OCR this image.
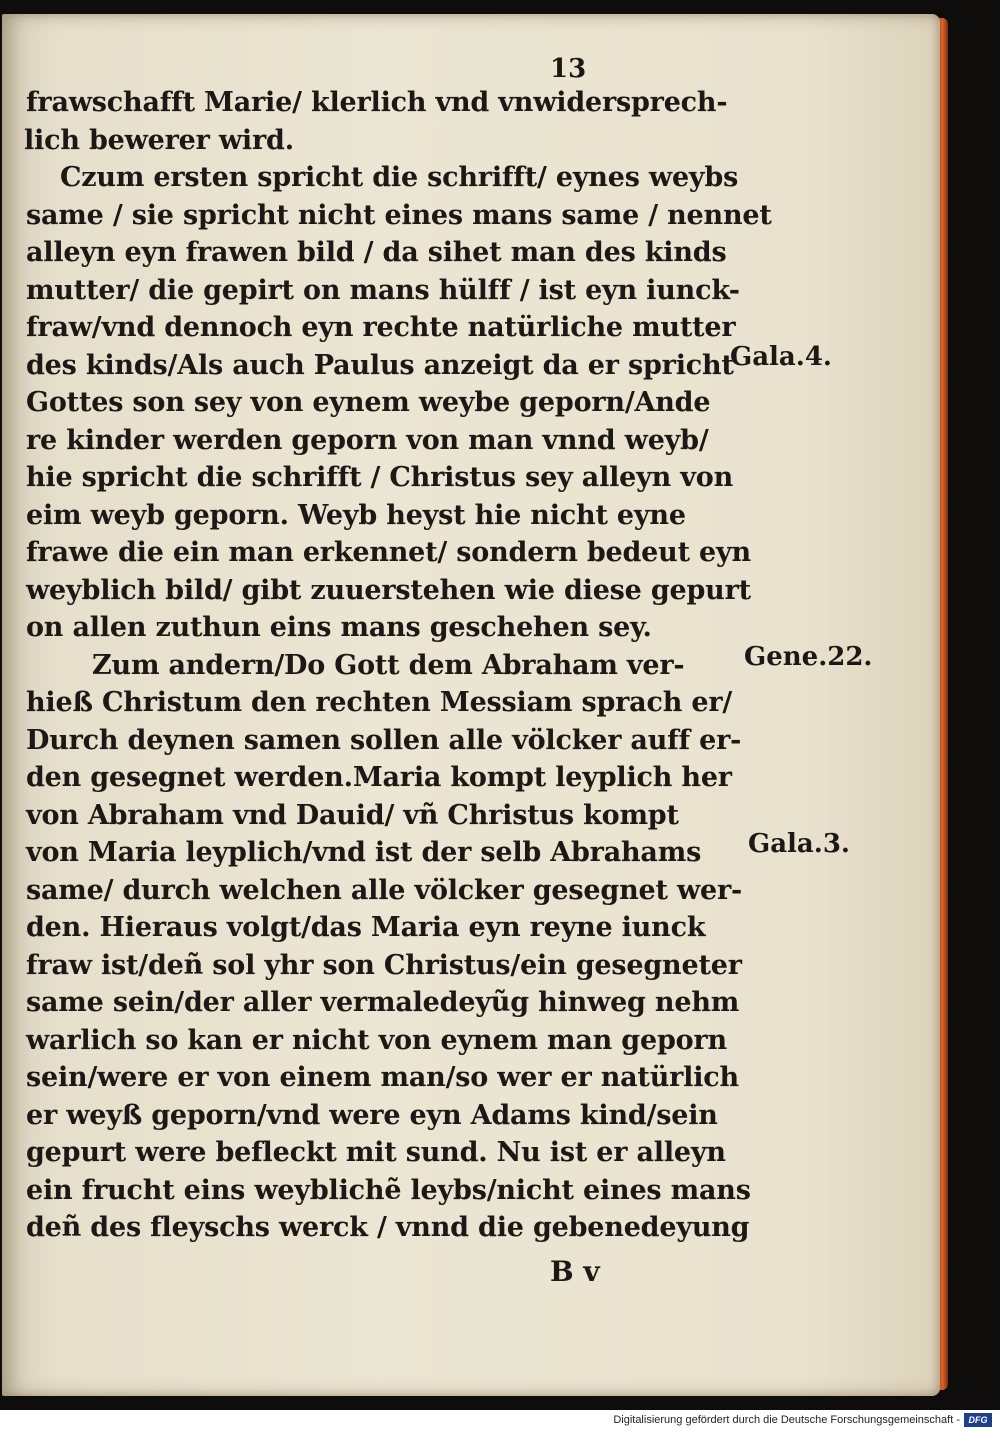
13
frawschafft Marie/ klerlich vnd vnwidersprech-
lich bewerer wird.
Czum ersten spricht die schrifft/ eynes weybs
same / sie spricht nicht eines mans same / nennet
alleyn eyn frawen bild / da sihet man des kinds
mutter/ die gepirt on mans hülff / ist eyn iunck-
fraw/vnd dennoch eyn rechte natürliche mutter
des kinds/Als auch Paulus anzeigt da er spricht
Gottes son sey von eynem weybe geporn/Ande
re kinder werden geporn von man vnnd weyb/
hie spricht die schrifft / Christus sey alleyn von
eim weyb geporn. Weyb heyst hie nicht eyne
frawe die ein man erkennet/ sondern bedeut eyn
weyblich bild/ gibt zuuerstehen wie diese gepurt
on allen zuthun eins mans geschehen sey.
Zum andern/Do Gott dem Abraham ver-
hieß Christum den rechten Messiam sprach er/
Durch deynen samen sollen alle völcker auff er-
den gesegnet werden.Maria kompt leyplich her
von Abraham vnd Dauid/ vñ Christus kompt
von Maria leyplich/vnd ist der selb Abrahams
same/ durch welchen alle völcker gesegnet wer-
den. Hieraus volgt/das Maria eyn reyne iunck
fraw ist/deñ sol yhr son Christus/ein gesegneter
same sein/der aller vermaledeyũg hinweg nehm
warlich so kan er nicht von eynem man geporn
sein/were er von einem man/so wer er natürlich
er weyß geporn/vnd were eyn Adams kind/sein
gepurt were befleckt mit sund. Nu ist er alleyn
ein frucht eins weyblichẽ leybs/nicht eines mans
deñ des fleyschs werck / vnnd die gebenedeyung
Gala.4.
Gene.22.
Gala.3.
B v
Digitalisierung gefördert durch die Deutsche Forschungsgemeinschaft - DFG
